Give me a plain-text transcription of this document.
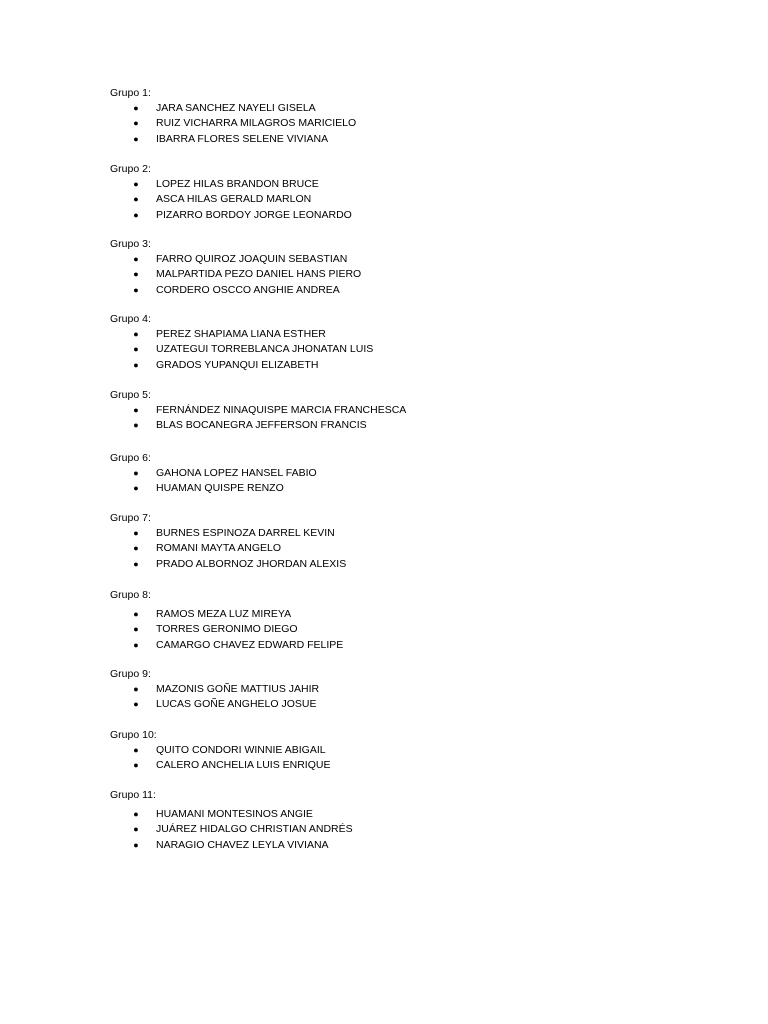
Grupo 1:
● JARA SANCHEZ NAYELI GISELA
● RUIZ VICHARRA MILAGROS MARICIELO
● IBARRA FLORES SELENE VIVIANA
Grupo 2:
● LOPEZ HILAS BRANDON BRUCE
● ASCA HILAS GERALD MARLON
● PIZARRO BORDOY JORGE LEONARDO
Grupo 3:
● FARRO QUIROZ JOAQUIN SEBASTIAN
● MALPARTIDA PEZO DANIEL HANS PIERO
● CORDERO OSCCO ANGHIE ANDREA
Grupo 4:
● PEREZ SHAPIAMA LIANA ESTHER
● UZATEGUI TORREBLANCA JHONATAN LUIS
● GRADOS YUPANQUI ELIZABETH
Grupo 5:
● FERNÁNDEZ NINAQUISPE MARCIA FRANCHESCA
● BLAS BOCANEGRA JEFFERSON FRANCIS
Grupo 6:
● GAHONA LOPEZ HANSEL FABIO
● HUAMAN QUISPE RENZO
Grupo 7:
● BURNES ESPINOZA DARREL KEVIN
● ROMANI MAYTA ANGELO
● PRADO ALBORNOZ JHORDAN ALEXIS
Grupo 8:
● RAMOS MEZA LUZ MIREYA
● TORRES GERONIMO DIEGO
● CAMARGO CHAVEZ EDWARD FELIPE
Grupo 9:
● MAZONIS GOÑE MATTIUS JAHIR
● LUCAS GOÑE ANGHELO JOSUE
Grupo 10:
● QUITO CONDORI WINNIE ABIGAIL
● CALERO ANCHELIA LUIS ENRIQUE
Grupo 11:
● HUAMANI MONTESINOS ANGIE
● JUÁREZ HIDALGO CHRISTIAN ANDRÉS
● NARAGIO CHAVEZ LEYLA VIVIANA
